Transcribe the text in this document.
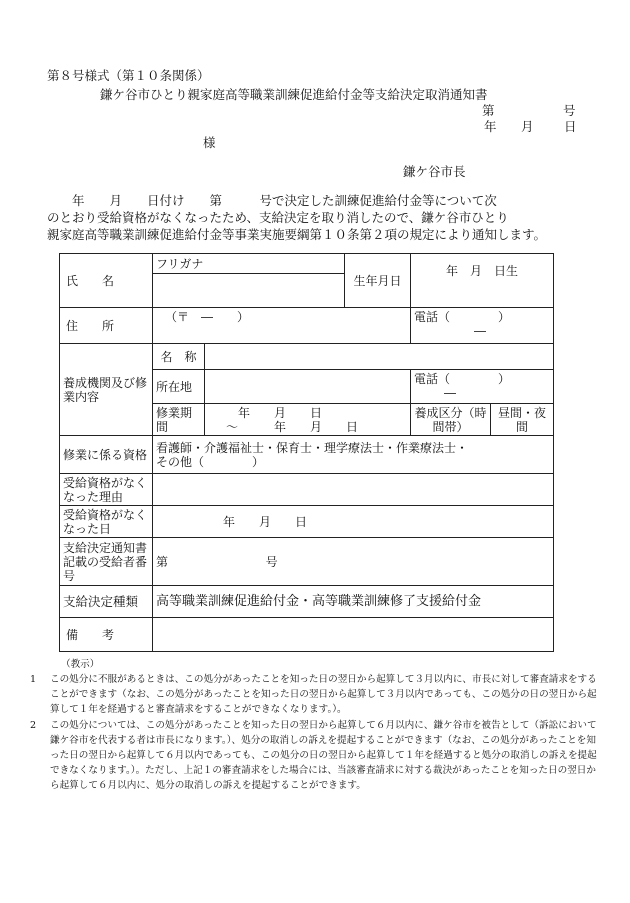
第８号様式（第１０条関係）
鎌ケ谷市ひとり親家庭高等職業訓練促進給付金等支給決定取消通知書
第	号
年 月 日
様
鎌ケ谷市長
　　年　　月　　日付け　　第　　　号で決定した訓練促進給付金等について次
のとおり受給資格がなくなったため、支給決定を取り消したので、鎌ケ谷市ひとり
親家庭高等職業訓練促進給付金等事業実施要綱第１０条第２項の規定により通知します。
氏　　名	フリガナ		生年月日	年　月　日生	

住　　所	（〒　―　　）			電話（　　　　）
―	

養成機関及び修業内容	名　称				
	所在地			電話（　　　　）
―	

	修業期間	年　　月　　日
～　　　年　　月　　日		養成区分（時間帯）	昼間・夜間
修業に係る資格	看護師・介護福祉士・保育士・理学療法士・作業療法士・
その他（　　　　）				

受給資格がなくなった理由					
受給資格がなくなった日	年　　月　　日				
支給決定通知書記載の受給者番号	第 号				
支給決定種類	高等職業訓練促進給付金・高等職業訓練修了支援給付金				
備　　考					
（教示）
1 この処分に不服があるときは、この処分があったことを知った日の翌日から起算して３月以内に、市長に対して審査請求をすることができます（なお、この処分があったことを知った日の翌日から起算して３月以内であっても、この処分の日の翌日から起算して１年を経過すると審査請求をすることができなくなります。）。
2 この処分については、この処分があったことを知った日の翌日から起算して６月以内に、鎌ケ谷市を被告として（訴訟において鎌ケ谷市を代表する者は市長になります。）、処分の取消しの訴えを提起することができます（なお、この処分があったことを知った日の翌日から起算して６月以内であっても、この処分の日の翌日から起算して１年を経過すると処分の取消しの訴えを提起できなくなります。）。ただし、上記１の審査請求をした場合には、当該審査請求に対する裁決があったことを知った日の翌日から起算して６月以内に、処分の取消しの訴えを提起することができます。
